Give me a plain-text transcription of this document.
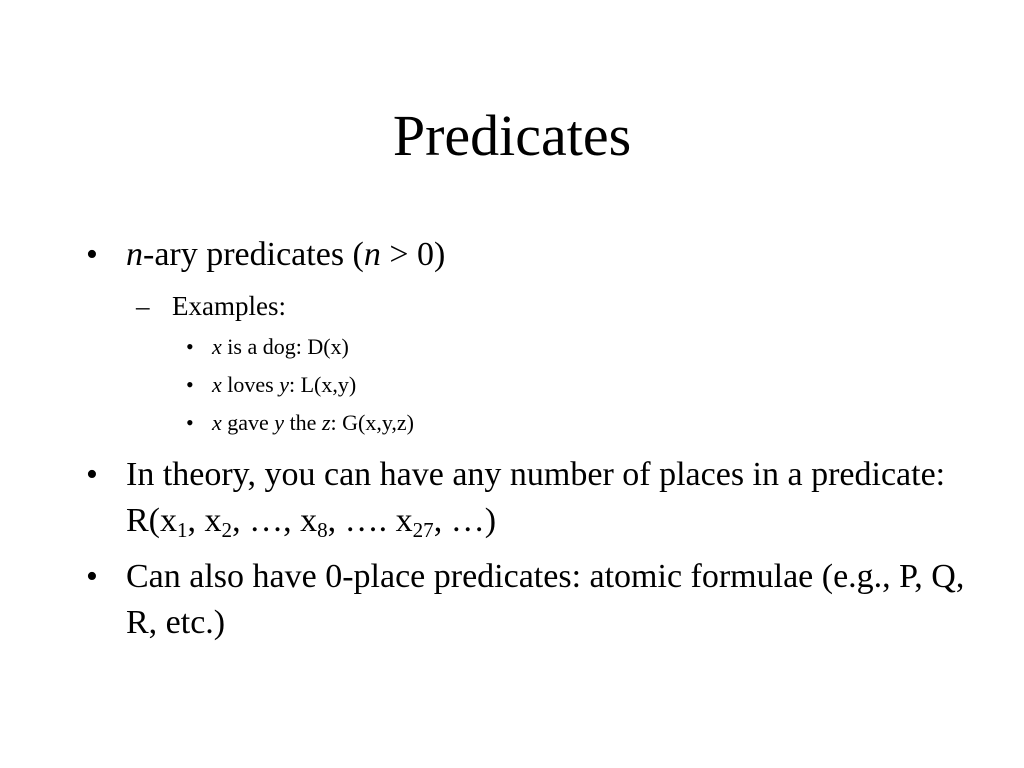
Predicates
• n-ary predicates (n > 0)
– Examples:
• x is a dog: D(x)
• x loves y: L(x,y)
• x gave y the z: G(x,y,z)
• In theory, you can have any number of places in a predicate: $R(x_1$, $x_2$, …, $x_8$, …. $x_{27}$, …)
• Can also have 0-place predicates: atomic formulae (e.g., P, Q, R, etc.)
